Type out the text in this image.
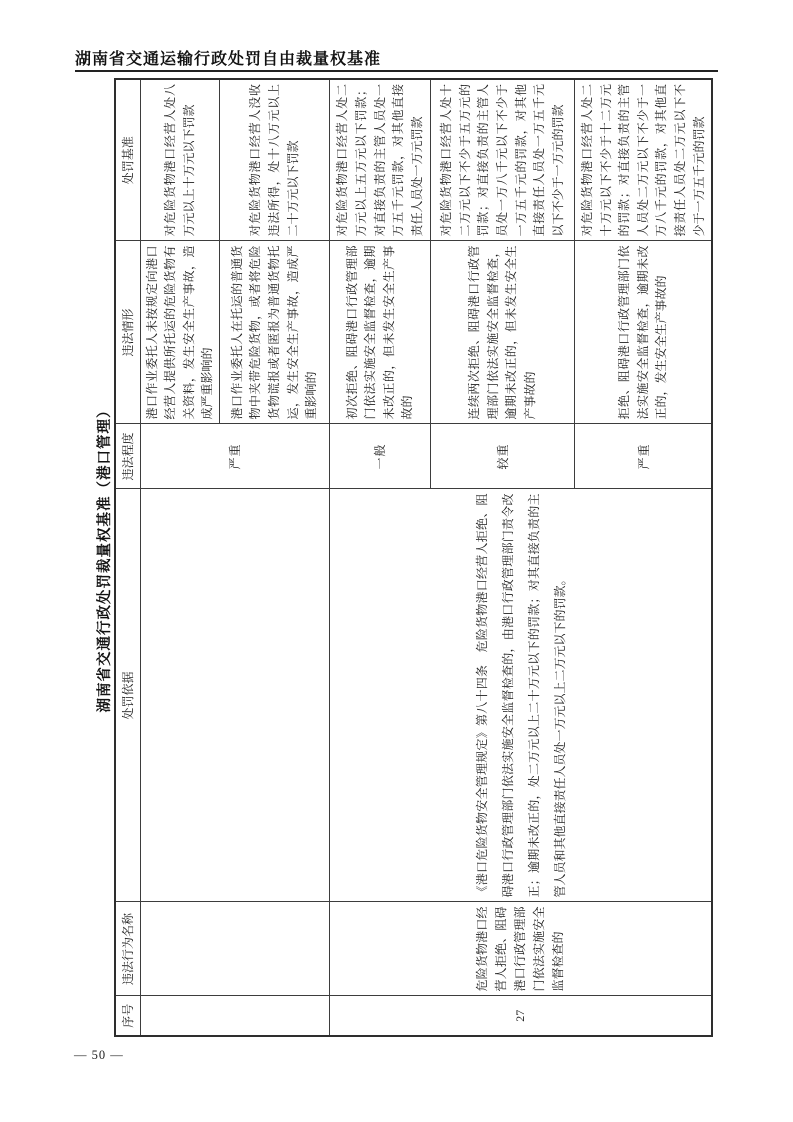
湖南省交通运输行政处罚自由裁量权基准
湖南省交通行政处罚裁量权基准（港口管理）
序号	违法行为名称	处罚依据	违法程度	违法情形	处罚基准
			严重	港口作业委托人未按规定向港口经营人提供所托运的危险货物有关资料，发生安全生产事故，造成严重影响的	对危险货物港口经营人处八万元以上十万元以下罚款
				港口作业委托人在托运的普通货物中夹带危险货物，或者将危险货物谎报或者匿报为普通货物托运，发生安全生产事故，造成严重影响的	对危险货物港口经营人没收违法所得，处十八万元以上二十万元以下罚款
27	危险货物港口经营人拒绝、阻碍港口行政管理部门依法实施安全监督检查的	《港口危险货物安全管理规定》第八十四条　危险货物港口经营人拒绝、阻碍港口行政管理部门依法实施安全监督检查的，由港口行政管理部门责令改正；逾期未改正的，处二万元以上二十万元以下的罚款；对其直接负责的主管人员和其他直接责任人员处一万元以上二万元以下的罚款。	一般	初次拒绝、阻碍港口行政管理部门依法实施安全监督检查，逾期未改正的，但未发生安全生产事故的	对危险货物港口经营人处二万元以上五万元以下罚款；对直接负责的主管人员处一万五千元罚款，对其他直接责任人员处一万元罚款
			较重	连续两次拒绝、阻碍港口行政管理部门依法实施安全监督检查，逾期未改正的，但未发生安全生产事故的	对危险货物港口经营人处十二万元以下不少于五万元的罚款；对直接负责的主管人员处一万八千元以下不少于一万五千元的罚款，对其他直接责任人员处一万五千元以下不少于一万元的罚款
			严重	拒绝、阻碍港口行政管理部门依法实施安全监督检查，逾期未改正的，发生安全生产事故的	对危险货物港口经营人处二十万元以下不少于十二万元的罚款；对直接负责的主管人员处二万元以下不少于一万八千元的罚款，对其他直接责任人员处二万元以下不少于一万五千元的罚款
— 50 —
